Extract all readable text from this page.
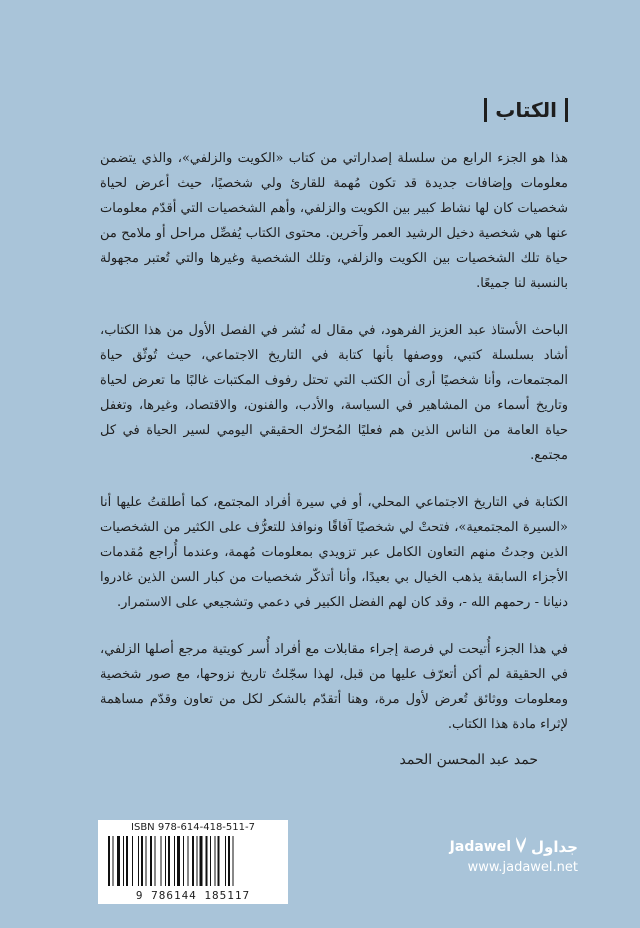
الكتاب

هذا هو الجزء الرابع من سلسلة إصداراتي من كتاب «الكويت والزلفي»، والذي يتضمن معلومات وإضافات جديدة قد تكون مُهمة للقارئ ولي شخصيًا، حيث أعرض لحياة شخصيات كان لها نشاط كبير بين الكويت والزلفي، وأهم الشخصيات التي أقدّم معلومات عنها هي شخصية دخيل الرشيد العمر وآخرين. محتوى الكتاب يُفصِّل مراحل أو ملامح من حياة تلك الشخصيات بين الكويت والزلفي، وتلك الشخصية وغيرها والتي تُعتبر مجهولة بالنسبة لنا جميعًا.

الباحث الأستاذ عبد العزيز الفرهود، في مقال له نُشر في الفصل الأول من هذا الكتاب، أشاد بسلسلة كتبي، ووصفها بأنها كتابة في التاريخ الاجتماعي، حيث تُوثّق حياة المجتمعات، وأنا شخصيًا أرى أن الكتب التي تحتل رفوف المكتبات غالبًا ما تعرض لحياة وتاريخ أسماء من المشاهير في السياسة، والأدب، والفنون، والاقتصاد، وغيرها، وتغفل حياة العامة من الناس الذين هم فعليًا المُحرّك الحقيقي اليومي لسير الحياة في كل مجتمع.

الكتابة في التاريخ الاجتماعي المحلي، أو في سيرة أفراد المجتمع، كما أطلقتُ عليها أنا «السيرة المجتمعية»، فتحتْ لي شخصيًا آفاقًا ونوافذ للتعرُّف على الكثير من الشخصيات الذين وجدتُ منهم التعاون الكامل عبر تزويدي بمعلومات مُهمة، وعندما أُراجع مُقدمات الأجزاء السابقة يذهب الخيال بي بعيدًا، وأنا أتذكّر شخصيات من كبار السن الذين غادروا دنيانا - رحمهم الله -، وقد كان لهم الفضل الكبير في دعمي وتشجيعي على الاستمرار.

في هذا الجزء أُتيحت لي فرصة إجراء مقابلات مع أفراد أُسر كويتية مرجع أصلها الزلفي، في الحقيقة لم أكن أتعرّف عليها من قبل، لهذا سجّلتُ تاريخ نزوحها، مع صور شخصية ومعلومات ووثائق تُعرض لأول مرة، وهنا أتقدّم بالشكر لكل من تعاون وقدّم مساهمة لإثراء مادة هذا الكتاب.

حمد عبد المحسن الحمد
ISBN 978-614-418-511-7
9 786144 185117
Jadawel جداول
www.jadawel.net
